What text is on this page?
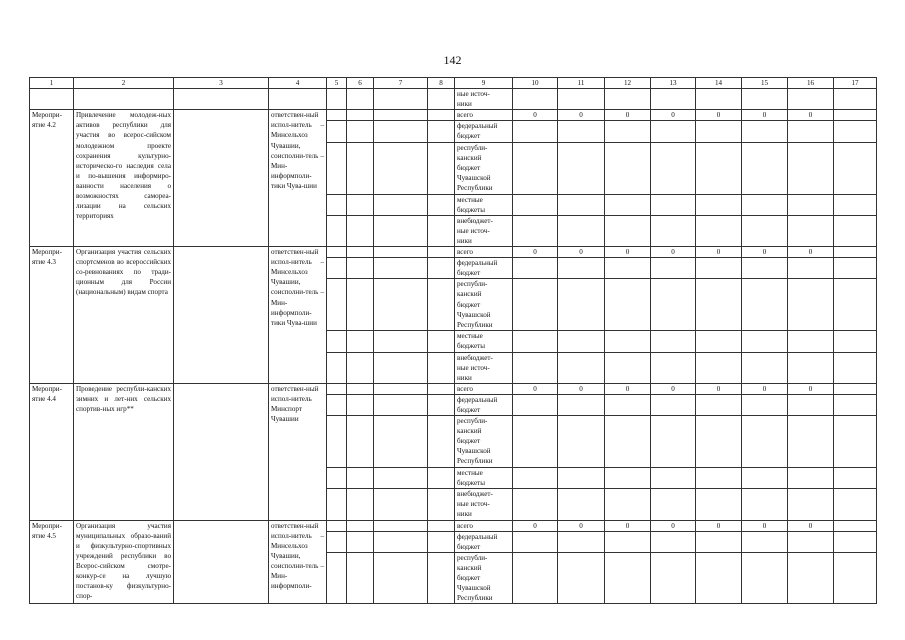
142
1	2	3	4	5	6	7	8	9	10	11	12	13	14	15	16	17
								ные источ-
ники								
Меропри-
ятие 4.2	Привлечение молодеж-ных активов республики для участия во всерос-сийском молодежном проекте сохранения культурно-историческо-го наследия села и по-вышения информиро-ванности населения о возможностях самореа-лизации на сельских территориях		ответствен-ный испол-нитель – Минсельхоз Чувашии, соисполни-тель – Мин-информполи-тики Чува-шии					всего	0	0	0	0	0	0	0	
								федеральный
бюджет								
								республи-
канский
бюджет
Чувашской
Республики								
								местные
бюджеты								
								внебюджет-
ные источ-
ники								
Меропри-
ятие 4.3	Организация участия сельских спортсменов во всероссийских со-ревнованиях по тради-ционным для России (национальным) видам спорта		ответствен-ный испол-нитель – Минсельхоз Чувашии, соисполни-тель – Мин-информполи-тики Чува-шии					всего	0	0	0	0	0	0	0	
								федеральный
бюджет								
								республи-
канский
бюджет
Чувашской
Республики								
								местные
бюджеты								
								внебюджет-
ные источ-
ники								
Меропри-
ятие 4.4	Проведение республи-канских зимних и лет-них сельских спортив-ных игр**		ответствен-ный испол-нитель Минспорт Чувашии					всего	0	0	0	0	0	0	0	
								федеральный
бюджет								
								республи-
канский
бюджет
Чувашской
Республики								
								местные
бюджеты								
								внебюджет-
ные источ-
ники								
Меропри-
ятие 4.5	Организация участия муниципальных образо-ваний и физкультурно-спортивных учреждений республики во Всерос-сийском смотре-конкур-се на лучшую постанов-ку физкультурно-спор-		ответствен-ный испол-нитель – Минсельхоз Чувашии, соисполни-тель – Мин-информполи-					всего	0	0	0	0	0	0	0	
								федеральный
бюджет								
								республи-
канский
бюджет
Чувашской
Республики								
